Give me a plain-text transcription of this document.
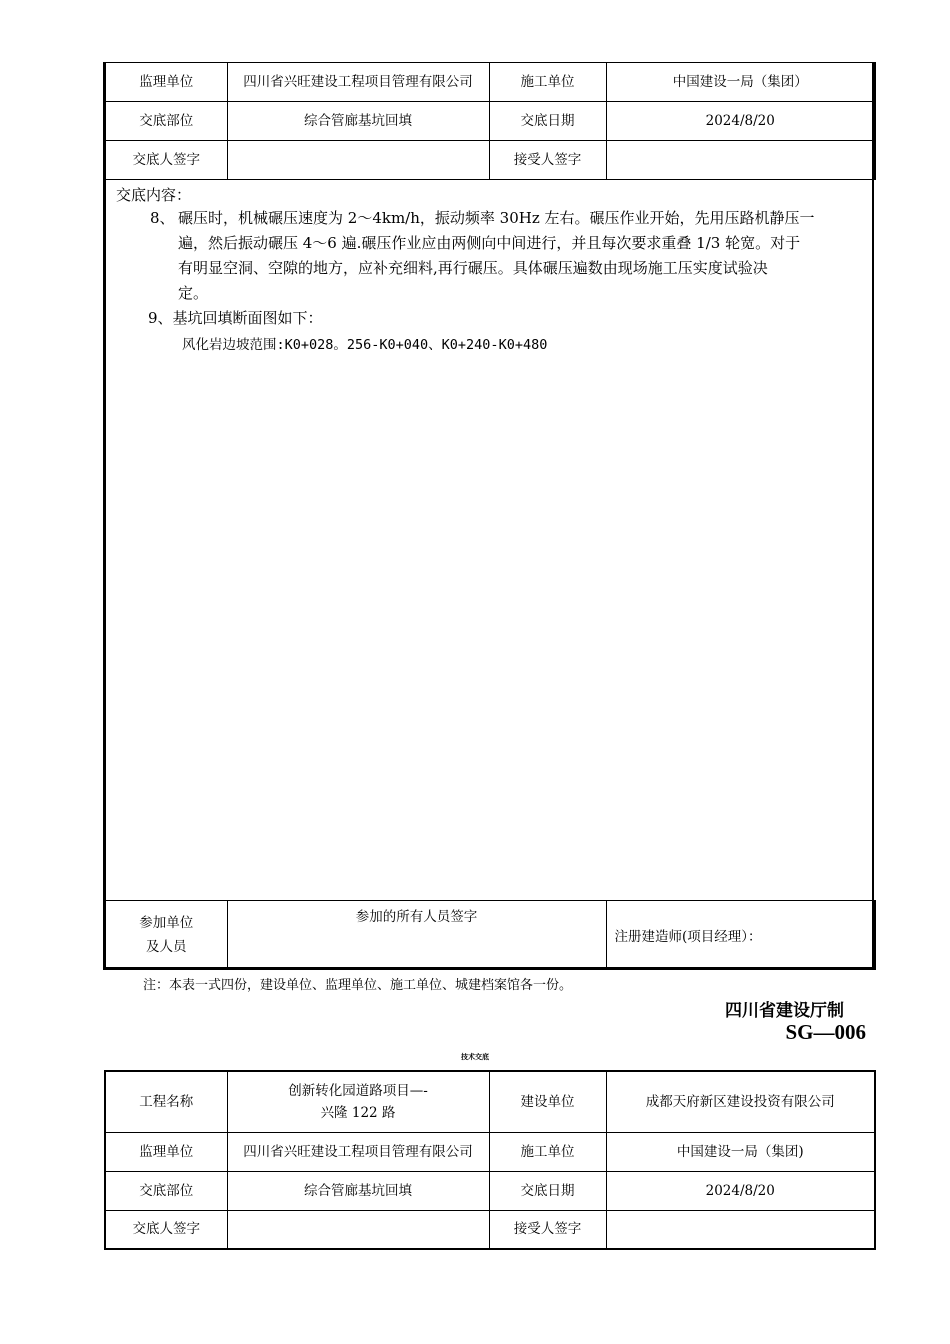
监理单位	四川省兴旺建设工程项目管理有限公司	施工单位	中国建设一局（集团）
交底部位	综合管廊基坑回填	交底日期	2024/8/20
交底人签字		接受人签字	
交底内容：
8、 碾压时，机械碾压速度为 2～4km/h，振动频率 30Hz 左右。碾压作业开始，先用压路机静压一
遍，然后振动碾压 4～6 遍.碾压作业应由两侧向中间进行，并且每次要求重叠 1/3 轮宽。对于
有明显空洞、空隙的地方，应补充细料,再行碾压。具体碾压遍数由现场施工压实度试验决
定。
9、基坑回填断面图如下：
风化岩边坡范围:K0+028。256-K0+040、K0+240-K0+480
参加单位
及人员
	参加的所有人员签字	注册建造师(项目经理）：
注：本表一式四份，建设单位、监理单位、施工单位、城建档案馆各一份。
四川省建设厅制
SG—006
技术交底
工程名称	创新转化园道路项目—-
兴隆 122 路	建设单位	成都天府新区建设投资有限公司
监理单位	四川省兴旺建设工程项目管理有限公司	施工单位	中国建设一局（集团)
交底部位	综合管廊基坑回填	交底日期	2024/8/20
交底人签字		接受人签字	
